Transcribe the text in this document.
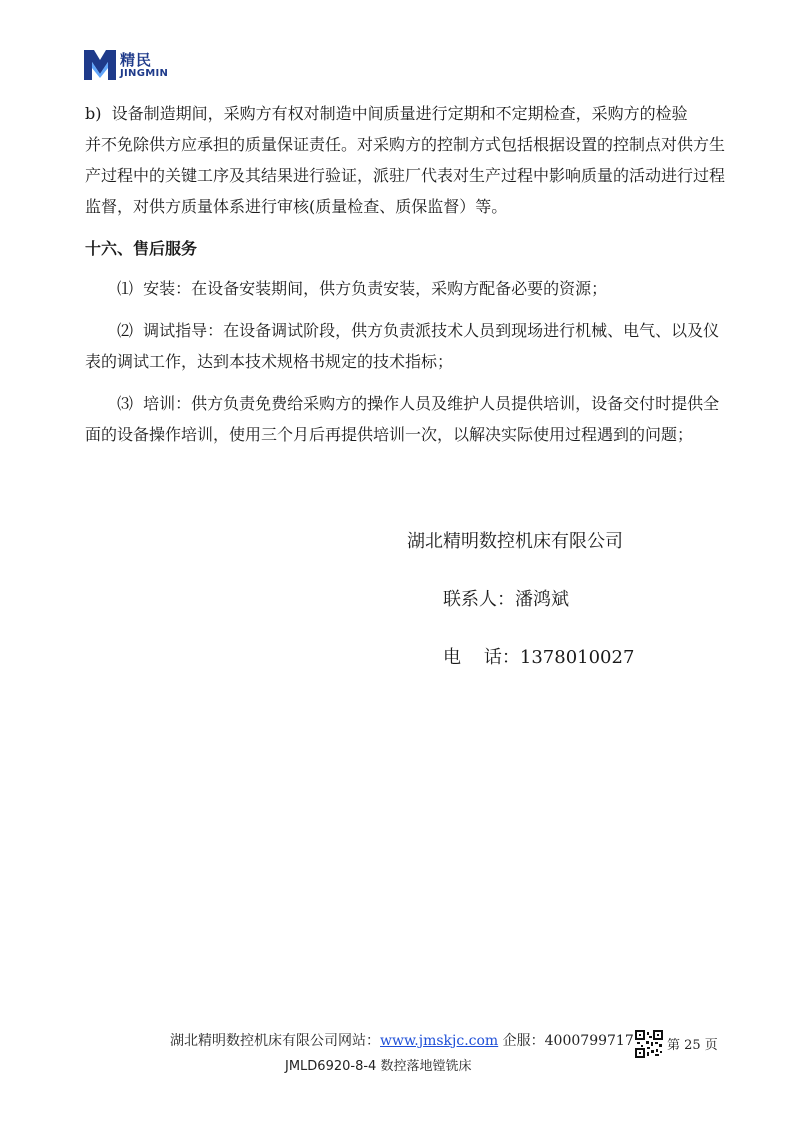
精民
JINGMIN
b)  设备制造期间，采购方有权对制造中间质量进行定期和不定期检查，采购方的检验
并不免除供方应承担的质量保证责任。对采购方的控制方式包括根据设置的控制点对供方生
产过程中的关键工序及其结果进行验证，派驻厂代表对生产过程中影响质量的活动进行过程
监督，对供方质量体系进行审核(质量检查、质保监督）等。
十六、售后服务
⑴  安装：在设备安装期间，供方负责安装，采购方配备必要的资源；
⑵  调试指导：在设备调试阶段，供方负责派技术人员到现场进行机械、电气、以及仪
表的调试工作，达到本技术规格书规定的技术指标；
⑶  培训：供方负责免费给采购方的操作人员及维护人员提供培训，设备交付时提供全
面的设备操作培训，使用三个月后再提供培训一次，以解决实际使用过程遇到的问题；
湖北精明数控机床有限公司
联系人：潘鸿斌
电    话：1378010027
湖北精明数控机床有限公司网站：www.jmskjc.com 企服：4000799717
JMLD6920-8-4 数控落地镗铣床
第 25 页
